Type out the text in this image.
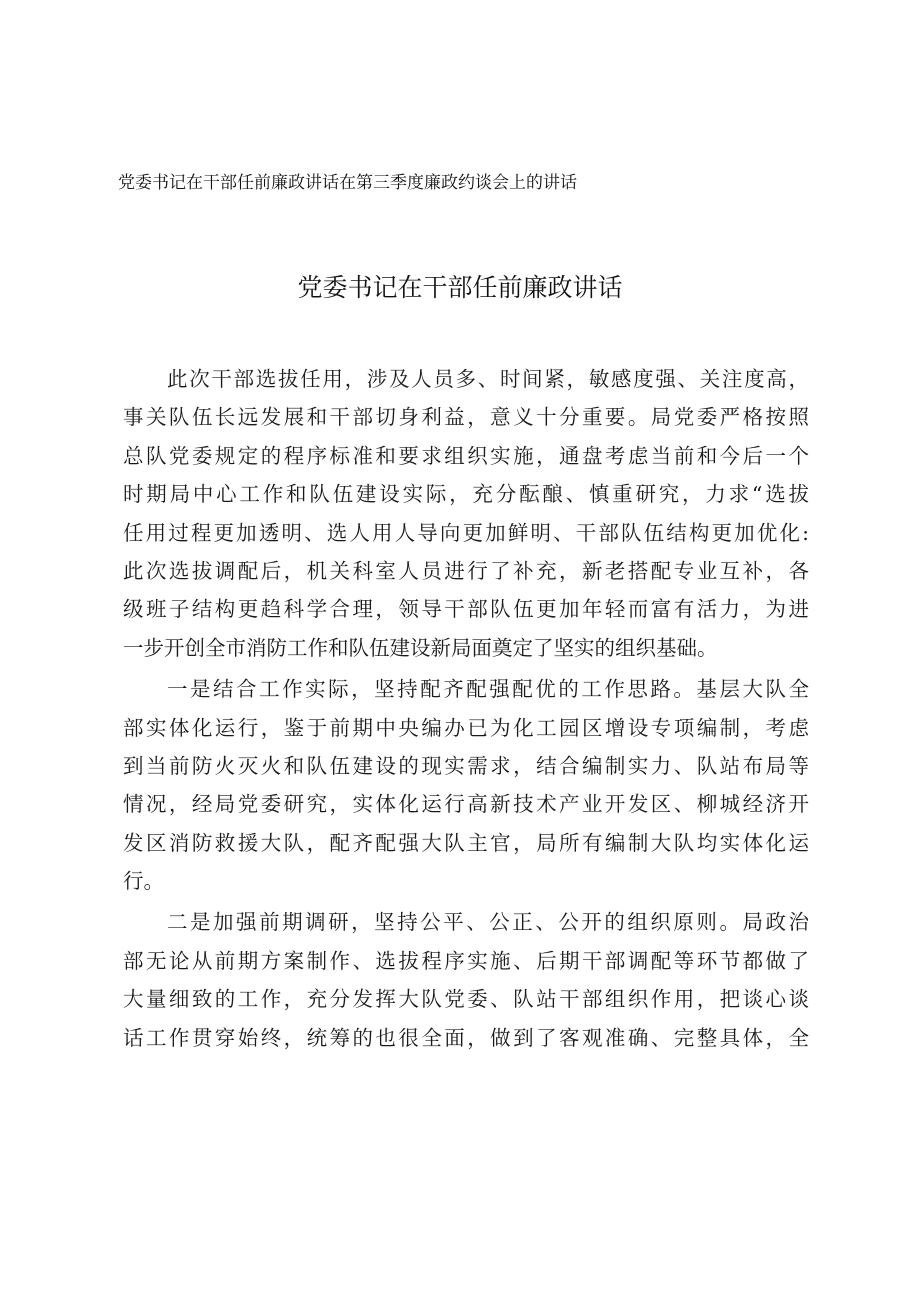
党委书记在干部任前廉政讲话在第三季度廉政约谈会上的讲话
党委书记在干部任前廉政讲话
此次干部选拔任用，涉及人员多、时间紧，敏感度强、关注度高，
事关队伍长远发展和干部切身利益，意义十分重要。局党委严格按照
总队党委规定的程序标准和要求组织实施，通盘考虑当前和今后一个
时期局中心工作和队伍建设实际，充分酝酿、慎重研究，力求“选拔
任用过程更加透明、选人用人导向更加鲜明、干部队伍结构更加优化:
此次选拔调配后，机关科室人员进行了补充，新老搭配专业互补，各
级班子结构更趋科学合理，领导干部队伍更加年轻而富有活力，为进
一步开创全市消防工作和队伍建设新局面奠定了坚实的组织基础。
一是结合工作实际，坚持配齐配强配优的工作思路。基层大队全
部实体化运行，鉴于前期中央编办已为化工园区增设专项编制，考虑
到当前防火灭火和队伍建设的现实需求，结合编制实力、队站布局等
情况，经局党委研究，实体化运行高新技术产业开发区、柳城经济开
发区消防救援大队，配齐配强大队主官，局所有编制大队均实体化运
行。
二是加强前期调研，坚持公平、公正、公开的组织原则。局政治
部无论从前期方案制作、选拔程序实施、后期干部调配等环节都做了
大量细致的工作，充分发挥大队党委、队站干部组织作用，把谈心谈
话工作贯穿始终，统筹的也很全面，做到了客观准确、完整具体，全
